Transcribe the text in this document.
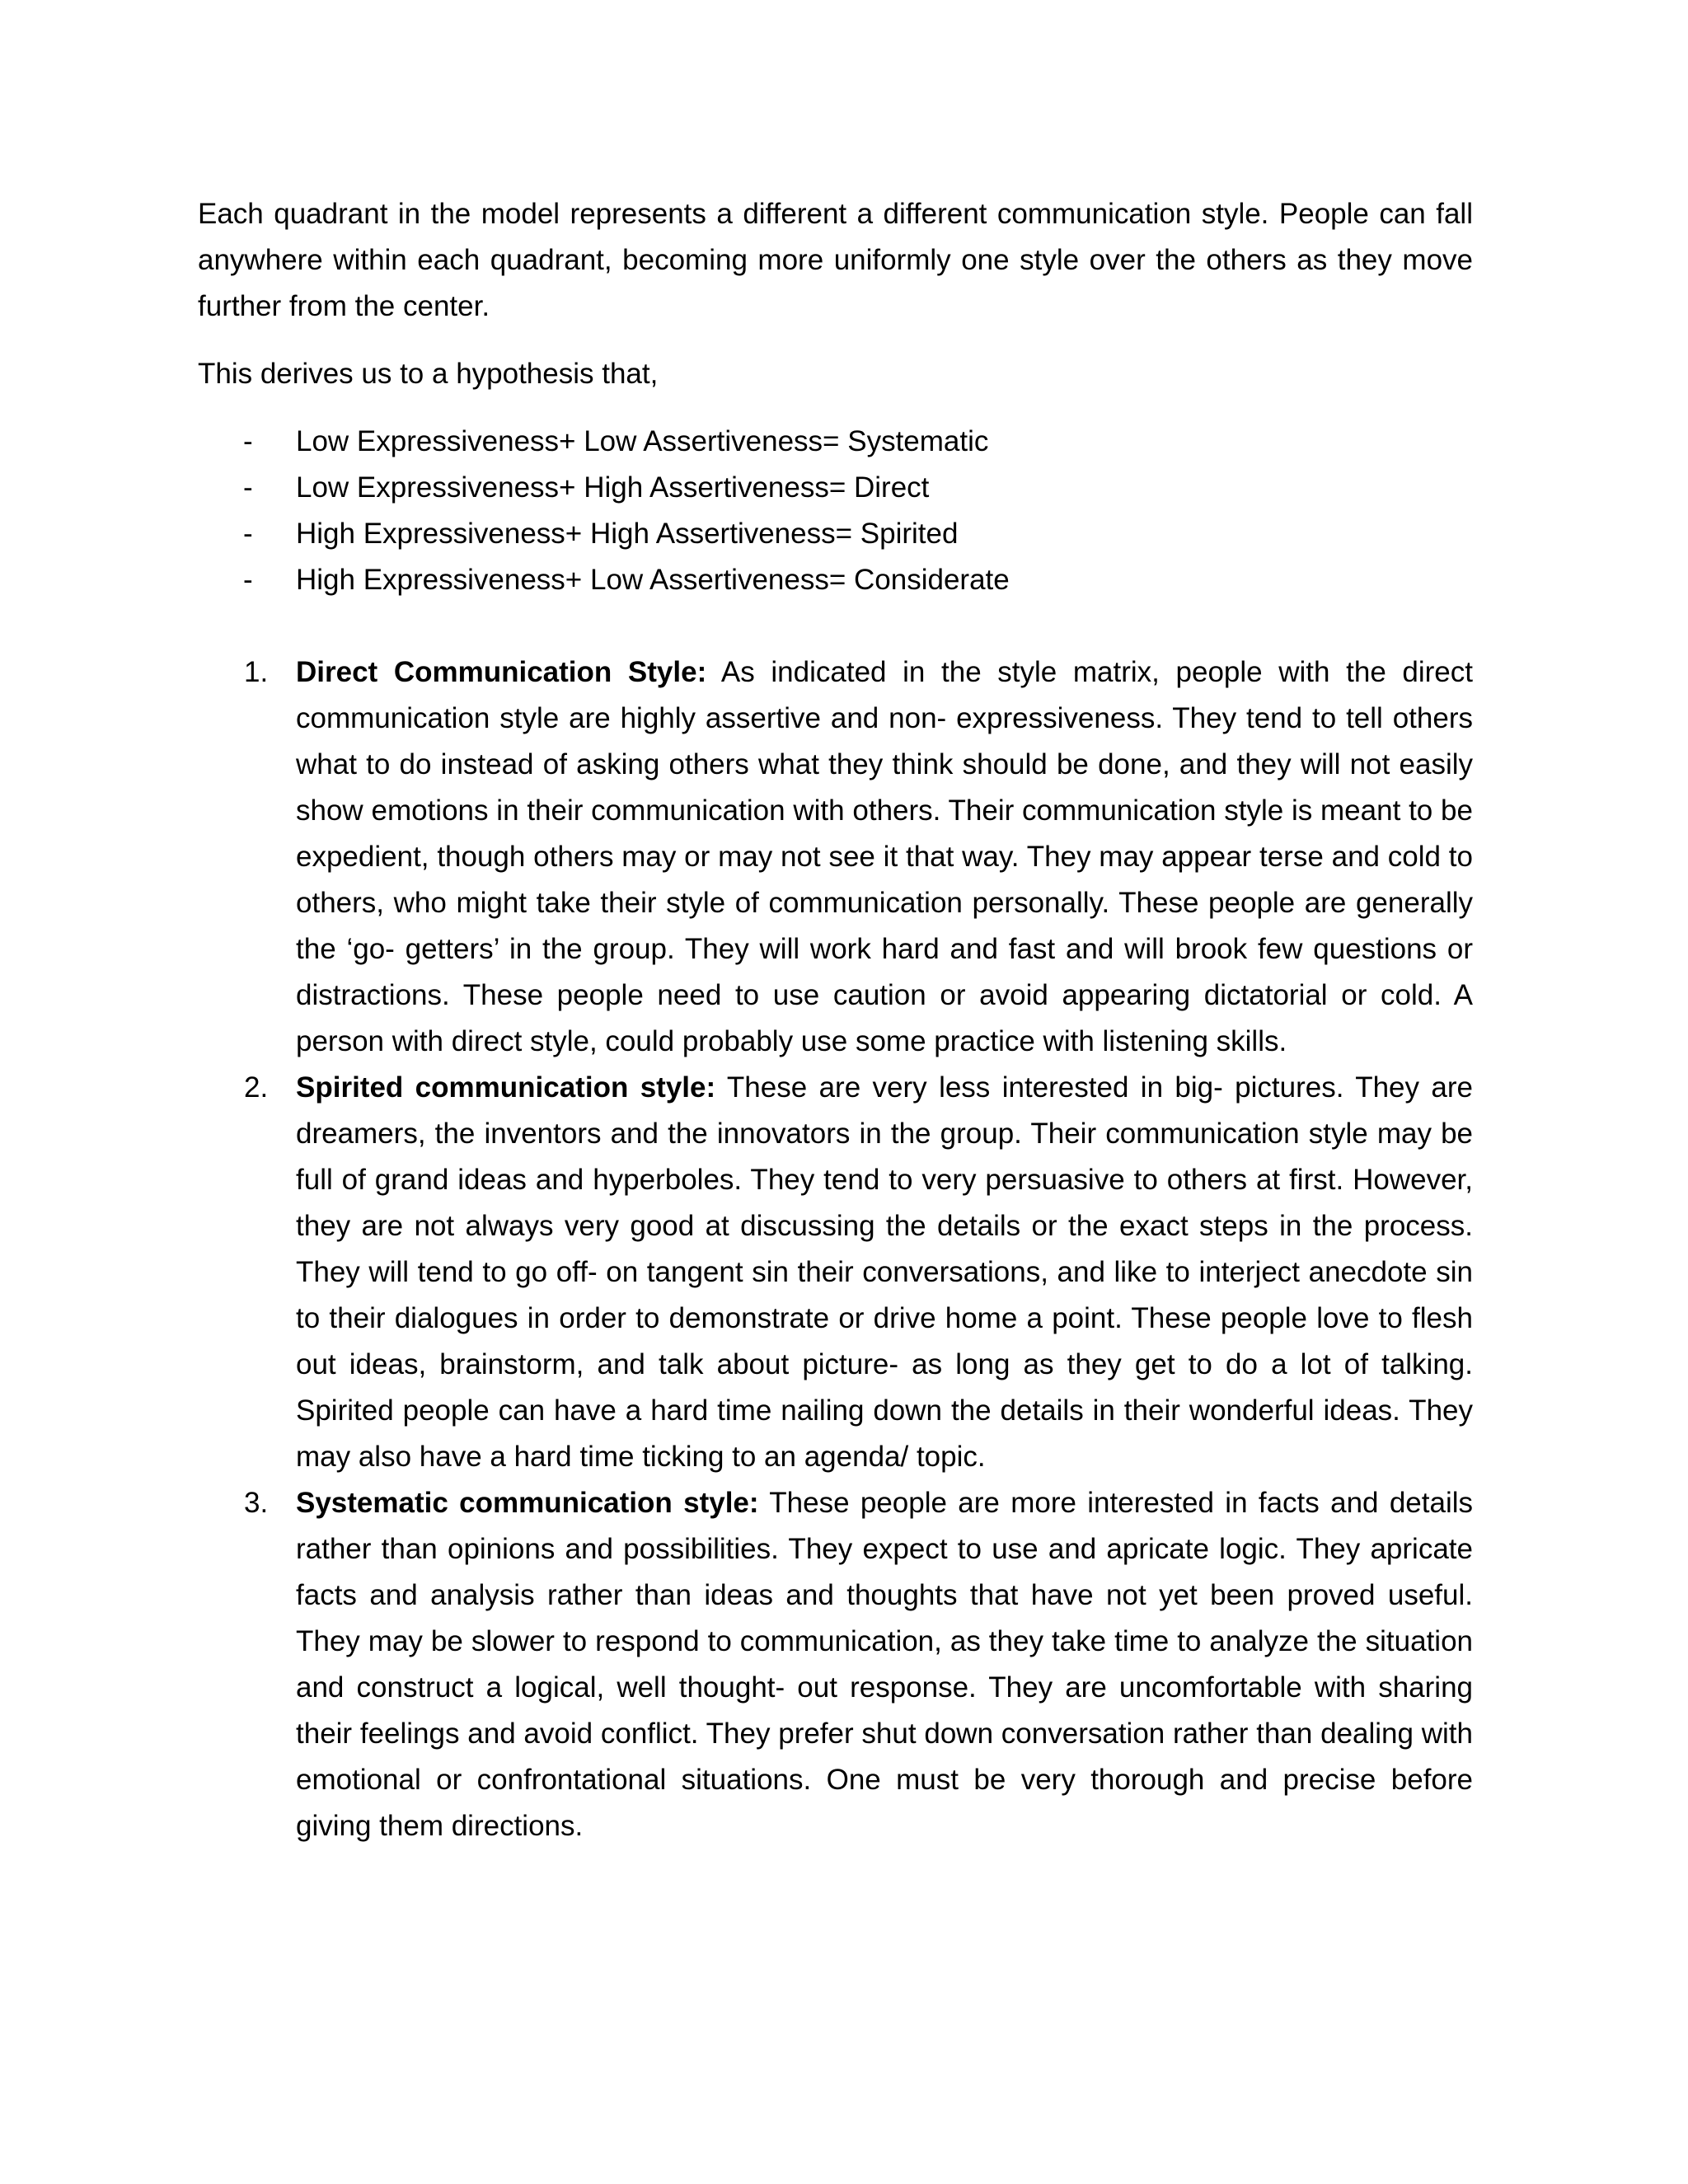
Each quadrant in the model represents a different a different communication style. People can fall anywhere within each quadrant, becoming more uniformly one style over the others as they move further from the center.

This derives us to a hypothesis that,

- Low Expressiveness+ Low Assertiveness= Systematic
- Low Expressiveness+ High Assertiveness= Direct
- High Expressiveness+ High Assertiveness= Spirited
- High Expressiveness+ Low Assertiveness= Considerate
1. Direct Communication Style: As indicated in the style matrix, people with the direct communication style are highly assertive and non- expressiveness. They tend to tell others what to do instead of asking others what they think should be done, and they will not easily show emotions in their communication with others. Their communication style is meant to be expedient, though others may or may not see it that way. They may appear terse and cold to others, who might take their style of communication personally. These people are generally the ‘go- getters’ in the group. They will work hard and fast and will brook few questions or distractions. These people need to use caution or avoid appearing dictatorial or cold. A person with direct style, could probably use some practice with listening skills.
2. Spirited communication style: These are very less interested in big- pictures. They are dreamers, the inventors and the innovators in the group. Their communication style may be full of grand ideas and hyperboles. They tend to very persuasive to others at first. However, they are not always very good at discussing the details or the exact steps in the process. They will tend to go off- on tangent sin their conversations, and like to interject anecdote sin to their dialogues in order to demonstrate or drive home a point. These people love to flesh out ideas, brainstorm, and talk about picture- as long as they get to do a lot of talking. Spirited people can have a hard time nailing down the details in their wonderful ideas. They may also have a hard time ticking to an agenda/ topic.
3. Systematic communication style: These people are more interested in facts and details rather than opinions and possibilities. They expect to use and apricate logic. They apricate facts and analysis rather than ideas and thoughts that have not yet been proved useful. They may be slower to respond to communication, as they take time to analyze the situation and construct a logical, well thought- out response. They are uncomfortable with sharing their feelings and avoid conflict. They prefer shut down conversation rather than dealing with emotional or confrontational situations. One must be very thorough and precise before giving them directions.
